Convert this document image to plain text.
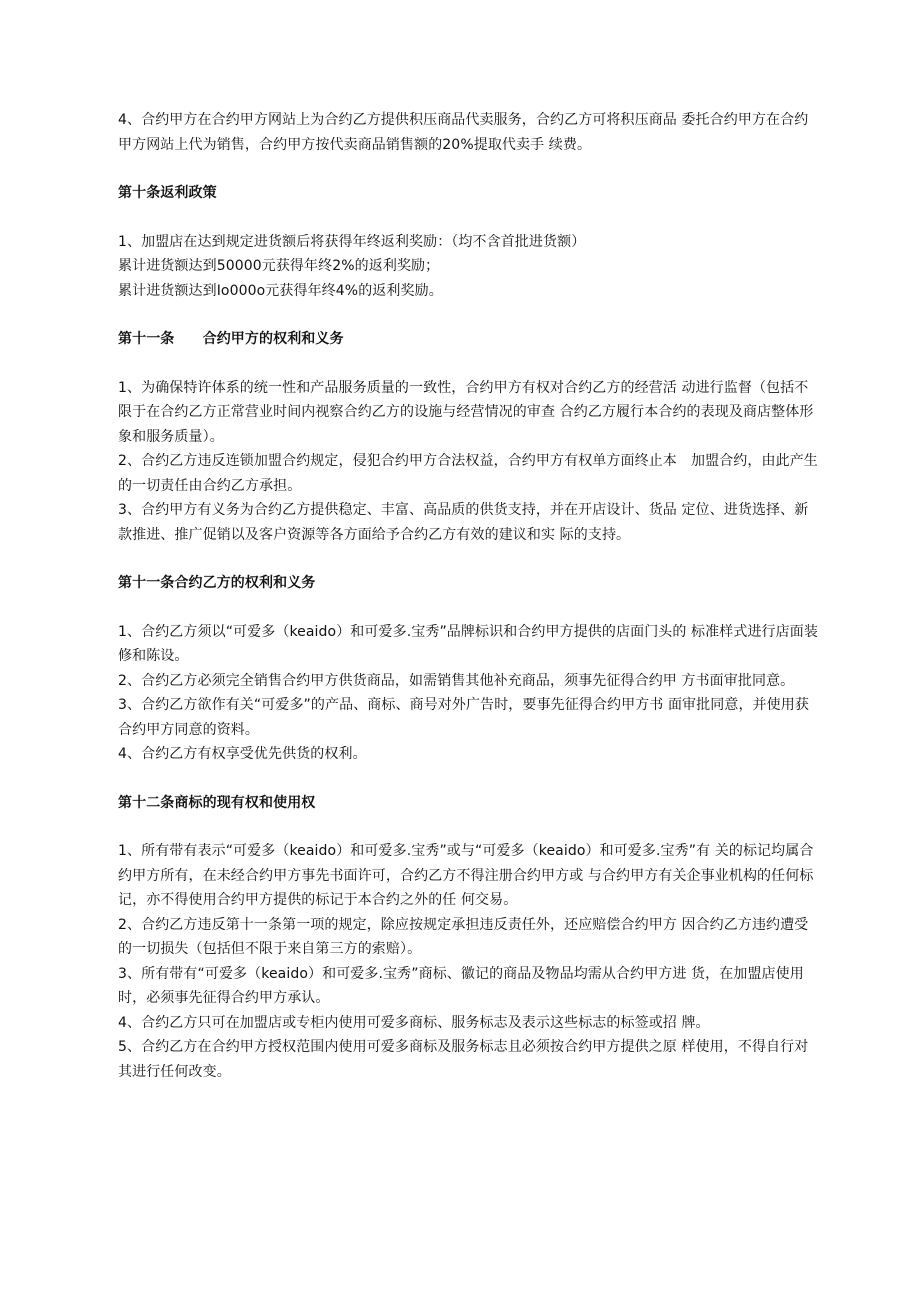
4、合约甲方在合约甲方网站上为合约乙方提供积压商品代卖服务，合约乙方可将积压商品 委托合约甲方在合约甲方网站上代为销售，合约甲方按代卖商品销售额的20%提取代卖手 续费。

第十条返利政策

1、加盟店在达到规定进货额后将获得年终返利奖励：（均不含首批进货额）

累计进货额达到50000元获得年终2%的返利奖励；

累计进货额达到Io000o元获得年终4%的返利奖励。

第十一条　　合约甲方的权利和义务

1、为确保特许体系的统一性和产品服务质量的一致性，合约甲方有权对合约乙方的经营活 动进行监督（包括不限于在合约乙方正常营业时间内视察合约乙方的设施与经营情况的审查 合约乙方履行本合约的表现及商店整体形象和服务质量）。

2、合约乙方违反连锁加盟合约规定，侵犯合约甲方合法权益，合约甲方有权单方面终止本　加盟合约，由此产生的一切责任由合约乙方承担。

3、合约甲方有义务为合约乙方提供稳定、丰富、高品质的供货支持，并在开店设计、货品 定位、进货选择、新款推进、推广促销以及客户资源等各方面给予合约乙方有效的建议和实 际的支持。

第十一条合约乙方的权利和义务

1、合约乙方须以“可爱多（keaido）和可爱多.宝秀”品牌标识和合约甲方提供的店面门头的 标准样式进行店面装修和陈设。

2、合约乙方必须完全销售合约甲方供货商品，如需销售其他补充商品，须事先征得合约甲 方书面审批同意。

3、合约乙方欲作有关“可爱多”的产品、商标、商号对外广告时，要事先征得合约甲方书 面审批同意，并使用获合约甲方同意的资料。

4、合约乙方有权享受优先供货的权利。

第十二条商标的现有权和使用权

1、所有带有表示“可爱多（keaido）和可爱多.宝秀”或与“可爱多（keaido）和可爱多.宝秀”有 关的标记均属合约甲方所有，在未经合约甲方事先书面许可，合约乙方不得注册合约甲方或 与合约甲方有关企事业机构的任何标记，亦不得使用合约甲方提供的标记于本合约之外的任 何交易。

2、合约乙方违反第十一条第一项的规定，除应按规定承担违反责任外，还应赔偿合约甲方 因合约乙方违约遭受的一切损失（包括但不限于来自第三方的索赔）。

3、所有带有“可爱多（keaido）和可爱多.宝秀”商标、徽记的商品及物品均需从合约甲方进 货，在加盟店使用时，必须事先征得合约甲方承认。

4、合约乙方只可在加盟店或专柜内使用可爱多商标、服务标志及表示这些标志的标签或招 牌。

5、合约乙方在合约甲方授权范围内使用可爱多商标及服务标志且必须按合约甲方提供之原 样使用，不得自行对其进行任何改变。
